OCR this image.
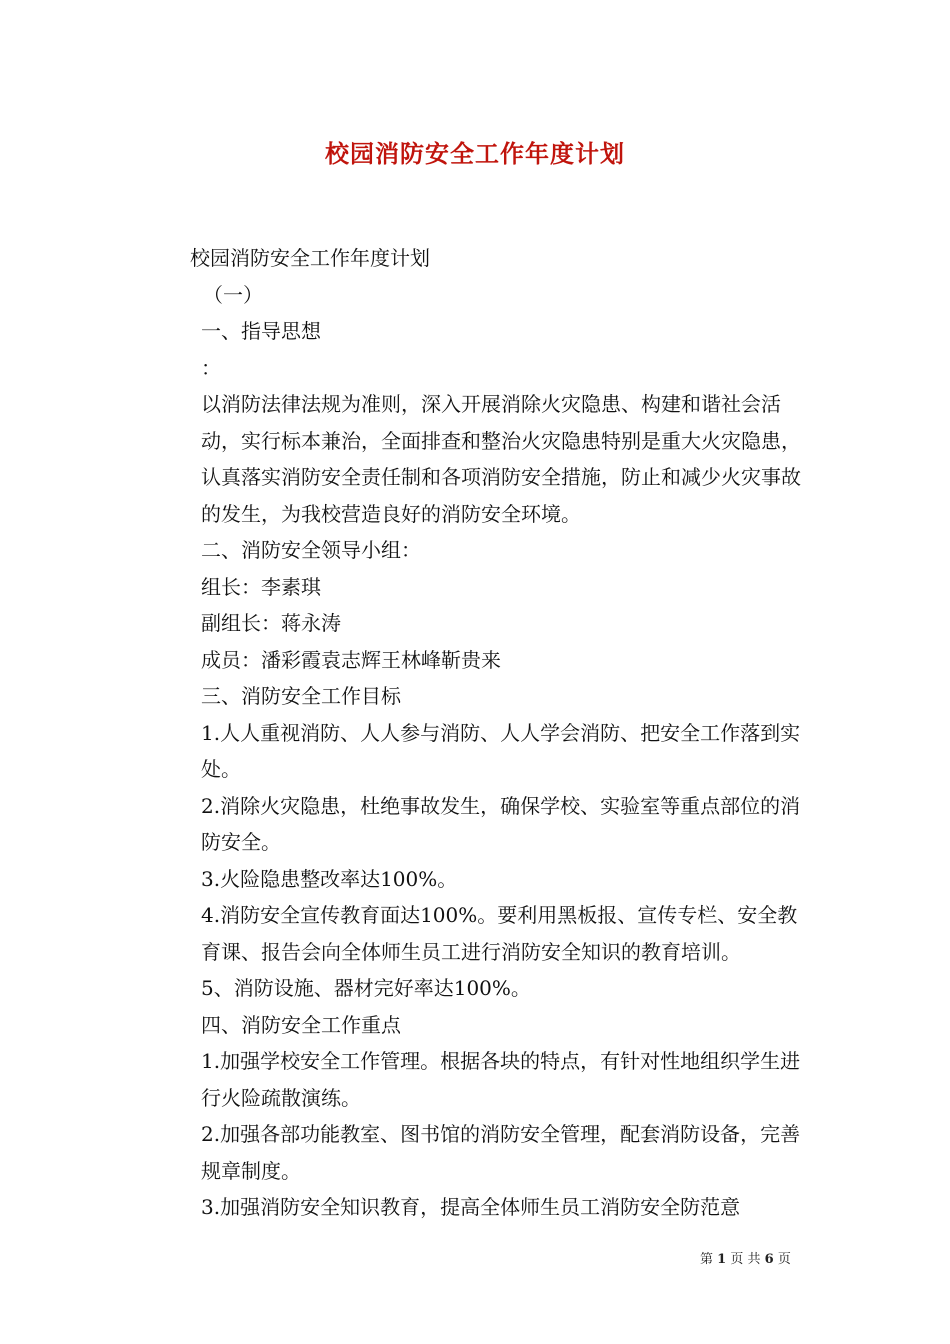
校园消防安全工作年度计划

校园消防安全工作年度计划

（一）

一、指导思想

：

以消防法律法规为准则，深入开展消除火灾隐患、构建和谐社会活动，实行标本兼治，全面排查和整治火灾隐患特别是重大火灾隐患，认真落实消防安全责任制和各项消防安全措施，防止和减少火灾事故的发生，为我校营造良好的消防安全环境。

二、消防安全领导小组：

组长：李素琪

副组长：蒋永涛

成员：潘彩霞袁志辉王林峰靳贵来

三、消防安全工作目标

1.人人重视消防、人人参与消防、人人学会消防、把安全工作落到实处。

2.消除火灾隐患，杜绝事故发生，确保学校、实验室等重点部位的消防安全。

3.火险隐患整改率达100%。

4.消防安全宣传教育面达100%。要利用黑板报、宣传专栏、安全教育课、报告会向全体师生员工进行消防安全知识的教育培训。

5、消防设施、器材完好率达100%。

四、消防安全工作重点

1.加强学校安全工作管理。根据各块的特点，有针对性地组织学生进行火险疏散演练。

2.加强各部功能教室、图书馆的消防安全管理，配套消防设备，完善规章制度。

3.加强消防安全知识教育，提高全体师生员工消防安全防范意

第 1 页 共 6 页
